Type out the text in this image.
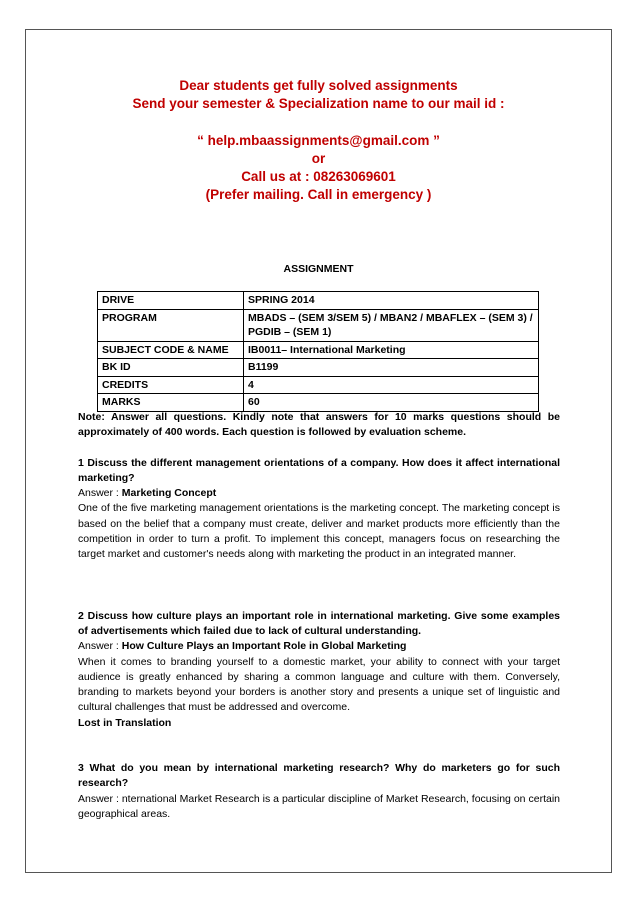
Dear students get fully solved assignments
Send your semester & Specialization name to our mail id :
“ help.mbaassignments@gmail.com ”
or
Call us at : 08263069601
(Prefer mailing. Call in emergency )
ASSIGNMENT
DRIVE	SPRING 2014
PROGRAM	MBADS – (SEM 3/SEM 5) / MBAN2 / MBAFLEX – (SEM 3) / PGDIB – (SEM 1)
SUBJECT CODE & NAME	IB0011– International Marketing
BK ID	B1199
CREDITS	4
MARKS	60

Note: Answer all questions. Kindly note that answers for 10 marks questions should be approximately of 400 words. Each question is followed by evaluation scheme.

1 Discuss the different management orientations of a company. How does it affect international marketing?

Answer : Marketing Concept

One of the five marketing management orientations is the marketing concept. The marketing concept is based on the belief that a company must create, deliver and market products more efficiently than the competition in order to turn a profit. To implement this concept, managers focus on researching the target market and customer's needs along with marketing the product in an integrated manner.

2 Discuss how culture plays an important role in international marketing. Give some examples of advertisements which failed due to lack of cultural understanding.

Answer : How Culture Plays an Important Role in Global Marketing

When it comes to branding yourself to a domestic market, your ability to connect with your target audience is greatly enhanced by sharing a common language and culture with them. Conversely, branding to markets beyond your borders is another story and presents a unique set of linguistic and cultural challenges that must be addressed and overcome.

Lost in Translation

3 What do you mean by international marketing research? Why do marketers go for such research?

Answer : nternational Market Research is a particular discipline of Market Research, focusing on certain geographical areas.
